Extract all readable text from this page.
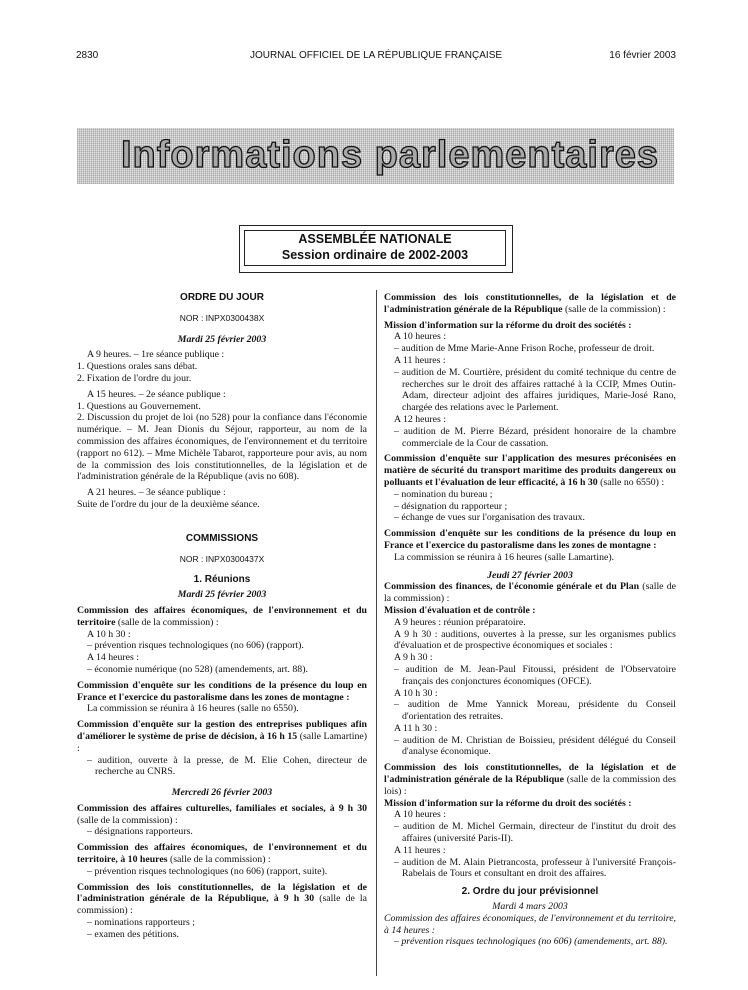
2830	JOURNAL OFFICIEL DE LA RÉPUBLIQUE FRANÇAISE	16 février 2003
Informations parlementaires
ASSEMBLÉE NATIONALE
Session ordinaire de 2002-2003

ORDRE DU JOUR

NOR : INPX0300438X

Mardi 25 février 2003

A 9 heures. – 1re séance publique :

1. Questions orales sans débat.

2. Fixation de l'ordre du jour.

A 15 heures. – 2e séance publique :

1. Questions au Gouvernement.

2. Discussion du projet de loi (no 528) pour la confiance dans l'économie numérique. – M. Jean Dionis du Séjour, rapporteur, au nom de la commission des affaires économiques, de l'environnement et du territoire (rapport no 612). – Mme Michèle Tabarot, rapporteure pour avis, au nom de la commission des lois constitutionnelles, de la législation et de l'administration générale de la République (avis no 608).

A 21 heures. – 3e séance publique :

Suite de l'ordre du jour de la deuxième séance.

COMMISSIONS

NOR : INPX0300437X

1. Réunions

Mardi 25 février 2003

Commission des affaires économiques, de l'environnement et du territoire (salle de la commission) :

A 10 h 30 :

– prévention risques technologiques (no 606) (rapport).

A 14 heures :

– économie numérique (no 528) (amendements, art. 88).

Commission d'enquête sur les conditions de la présence du loup en France et l'exercice du pastoralisme dans les zones de montagne :

La commission se réunira à 16 heures (salle no 6550).

Commission d'enquête sur la gestion des entreprises publiques afin d'améliorer le système de prise de décision, à 16 h 15 (salle Lamartine) :

– audition, ouverte à la presse, de M. Elie Cohen, directeur de recherche au CNRS.

Mercredi 26 février 2003

Commission des affaires culturelles, familiales et sociales, à 9 h 30 (salle de la commission) :

– désignations rapporteurs.

Commission des affaires économiques, de l'environnement et du territoire, à 10 heures (salle de la commission) :

– prévention risques technologiques (no 606) (rapport, suite).

Commission des lois constitutionnelles, de la législation et de l'administration générale de la République, à 9 h 30 (salle de la commission) :

– nominations rapporteurs ;

– examen des pétitions.

Commission des lois constitutionnelles, de la législation et de l'administration générale de la République (salle de la commission) :

Mission d'information sur la réforme du droit des sociétés :

A 10 heures :

– audition de Mme Marie-Anne Frison Roche, professeur de droit.

A 11 heures :

– audition de M. Courtière, président du comité technique du centre de recherches sur le droit des affaires rattaché à la CCIP, Mmes Outin-Adam, directeur adjoint des affaires juridiques, Marie-José Rano, chargée des relations avec le Parlement.

A 12 heures :

– audition de M. Pierre Bézard, président honoraire de la chambre commerciale de la Cour de cassation.

Commission d'enquête sur l'application des mesures préconisées en matière de sécurité du transport maritime des produits dangereux ou polluants et l'évaluation de leur efficacité, à 16 h 30 (salle no 6550) :

– nomination du bureau ;

– désignation du rapporteur ;

– échange de vues sur l'organisation des travaux.

Commission d'enquête sur les conditions de la présence du loup en France et l'exercice du pastoralisme dans les zones de montagne :

La commission se réunira à 16 heures (salle Lamartine).

Jeudi 27 février 2003

Commission des finances, de l'économie générale et du Plan (salle de la commission) :

Mission d'évaluation et de contrôle :

A 9 heures : réunion préparatoire.

A 9 h 30 : auditions, ouvertes à la presse, sur les organismes publics d'évaluation et de prospective économiques et sociales :

A 9 h 30 :

– audition de M. Jean-Paul Fitoussi, président de l'Observatoire français des conjonctures économiques (OFCE).

A 10 h 30 :

– audition de Mme Yannick Moreau, présidente du Conseil d'orientation des retraites.

A 11 h 30 :

– audition de M. Christian de Boissieu, président délégué du Conseil d'analyse économique.

Commission des lois constitutionnelles, de la législation et de l'administration générale de la République (salle de la commission des lois) :

Mission d'information sur la réforme du droit des sociétés :

A 10 heures :

– audition de M. Michel Germain, directeur de l'institut du droit des affaires (université Paris-II).

A 11 heures :

– audition de M. Alain Pietrancosta, professeur à l'université François-Rabelais de Tours et consultant en droit des affaires.

2. Ordre du jour prévisionnel

Mardi 4 mars 2003

Commission des affaires économiques, de l'environnement et du territoire, à 14 heures :

– prévention risques technologiques (no 606) (amendements, art. 88).
